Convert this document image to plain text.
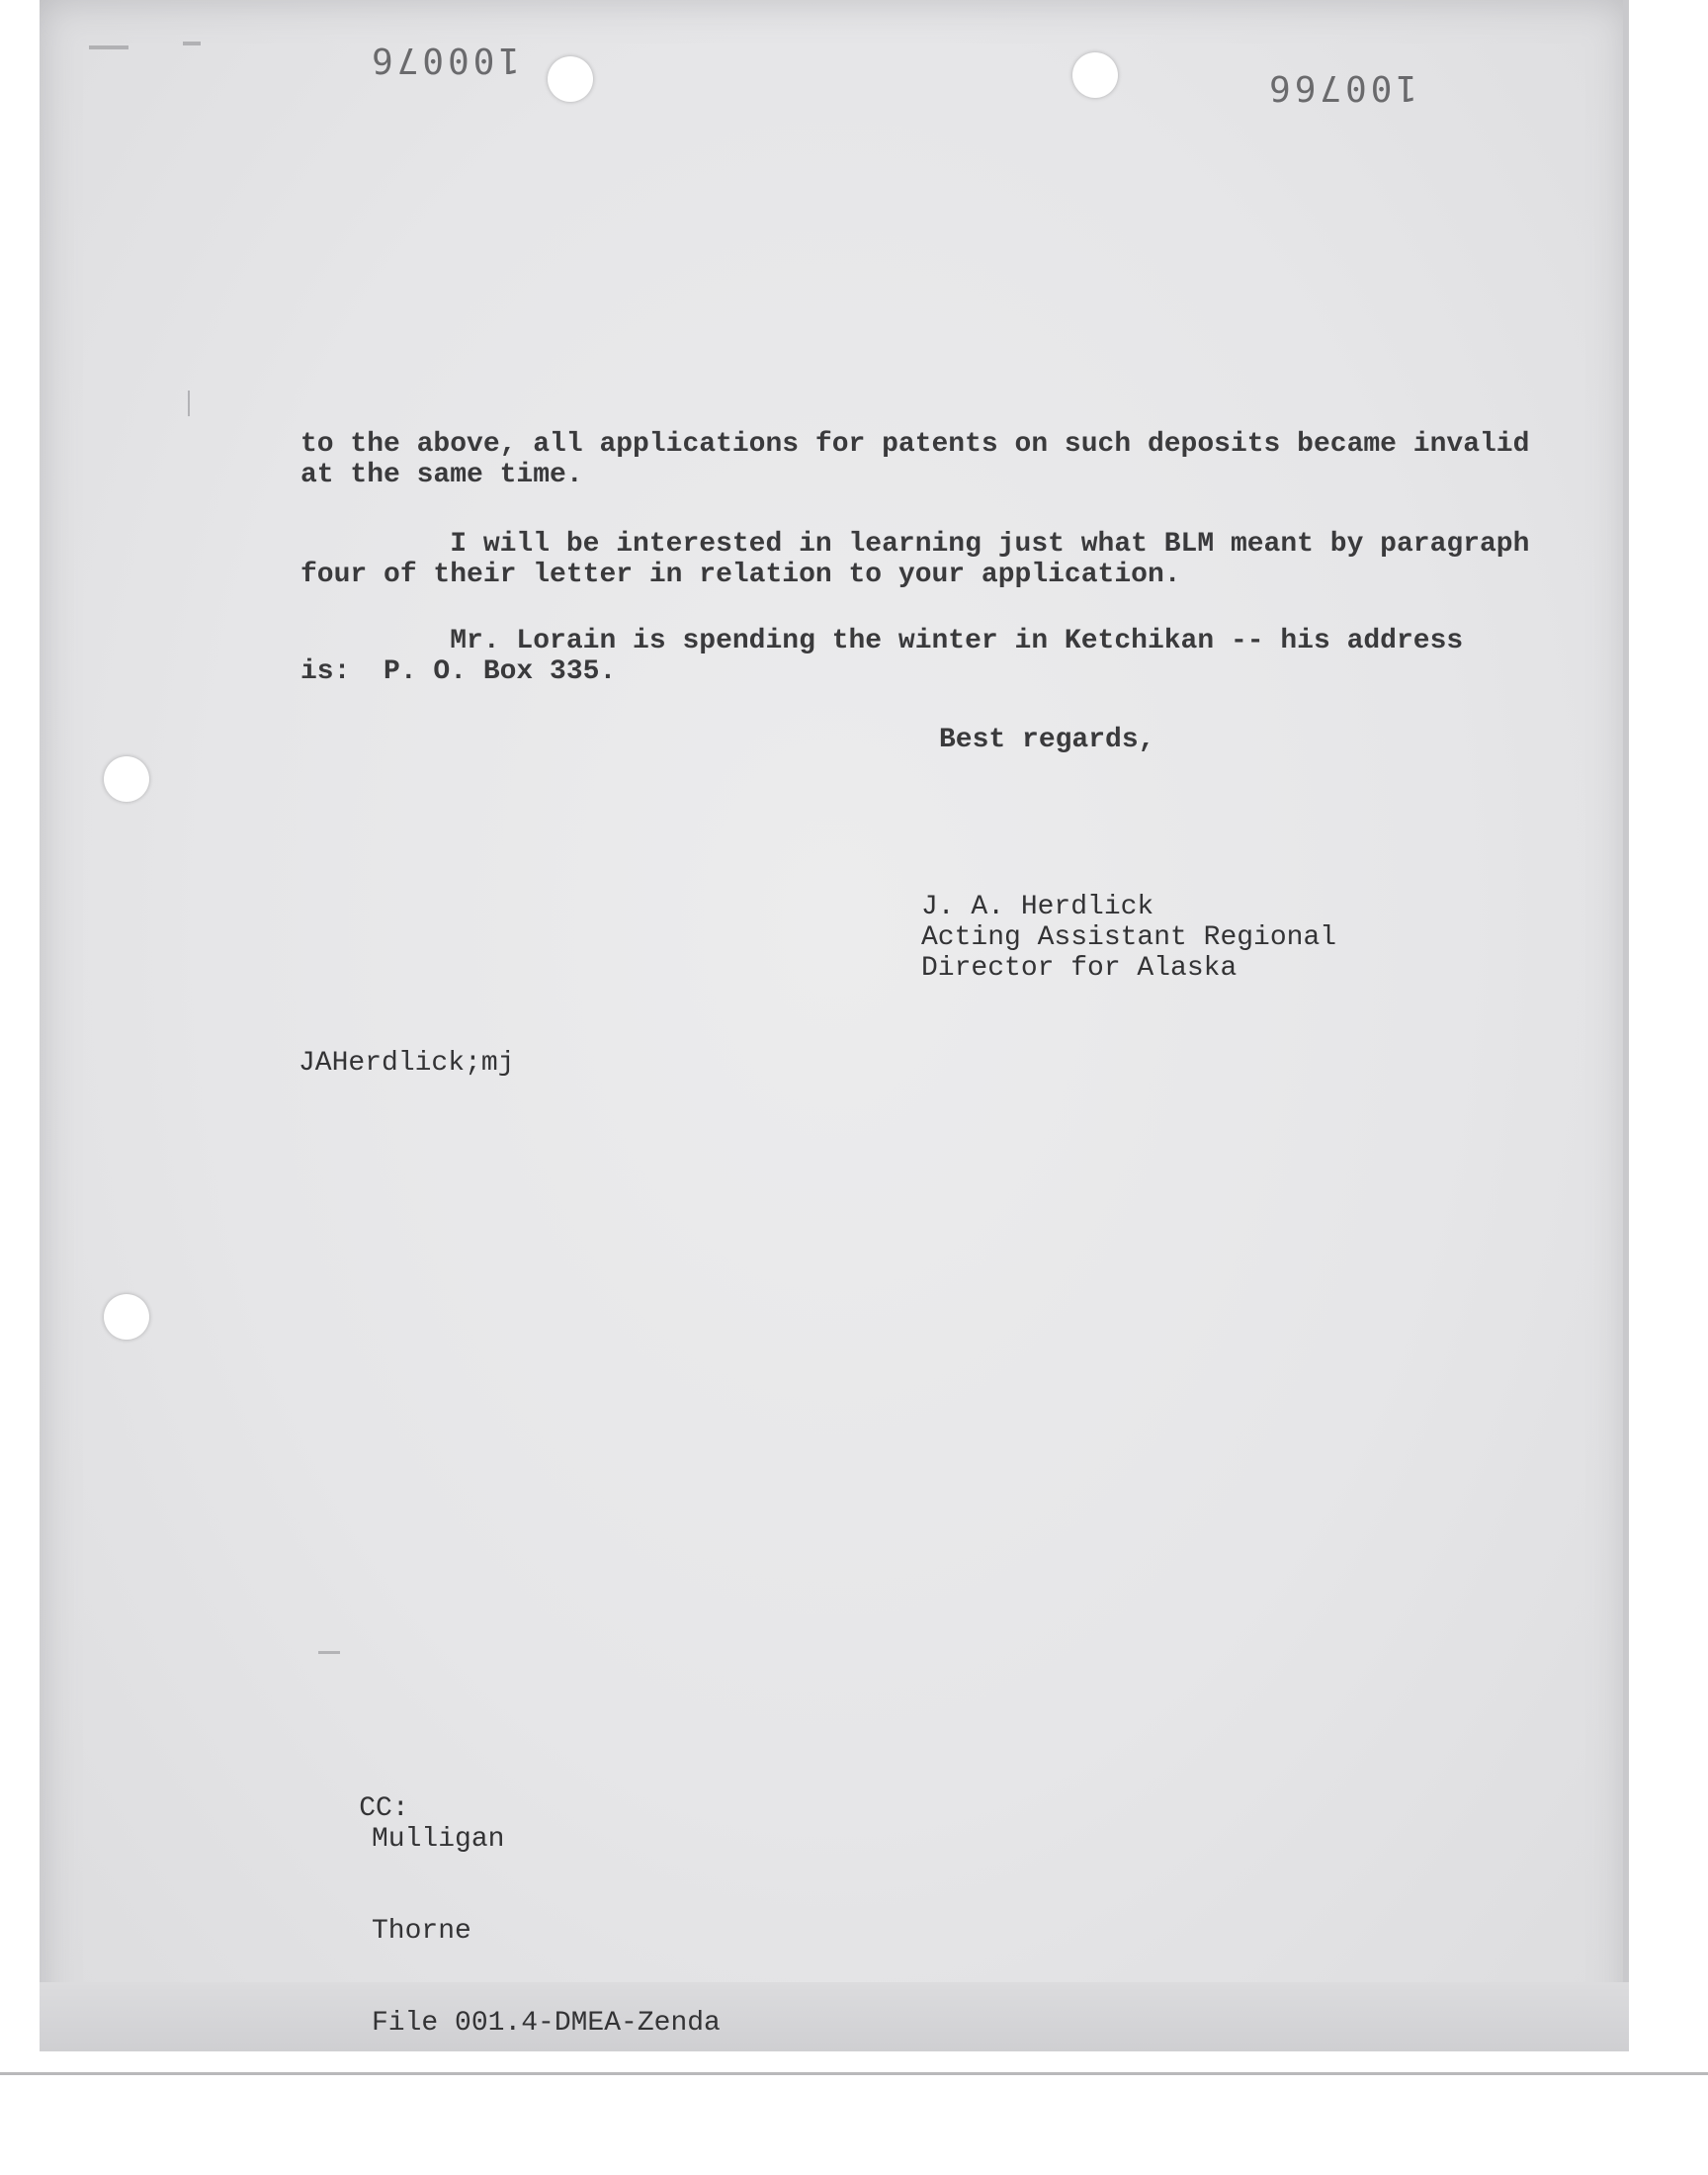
100076
100766
to the above, all applications for patents on such deposits became invalid
at the same time.
I will be interested in learning just what BLM meant by paragraph
four of their letter in relation to your application.
Mr. Lorain is spending the winter in Ketchikan -- his address
is:  P. O. Box 335.
Best regards,
J. A. Herdlick
Acting Assistant Regional
Director for Alaska
JAHerdlick;mj

CC:

Mulligan

Thorne

File 001.4-DMEA-Zenda
